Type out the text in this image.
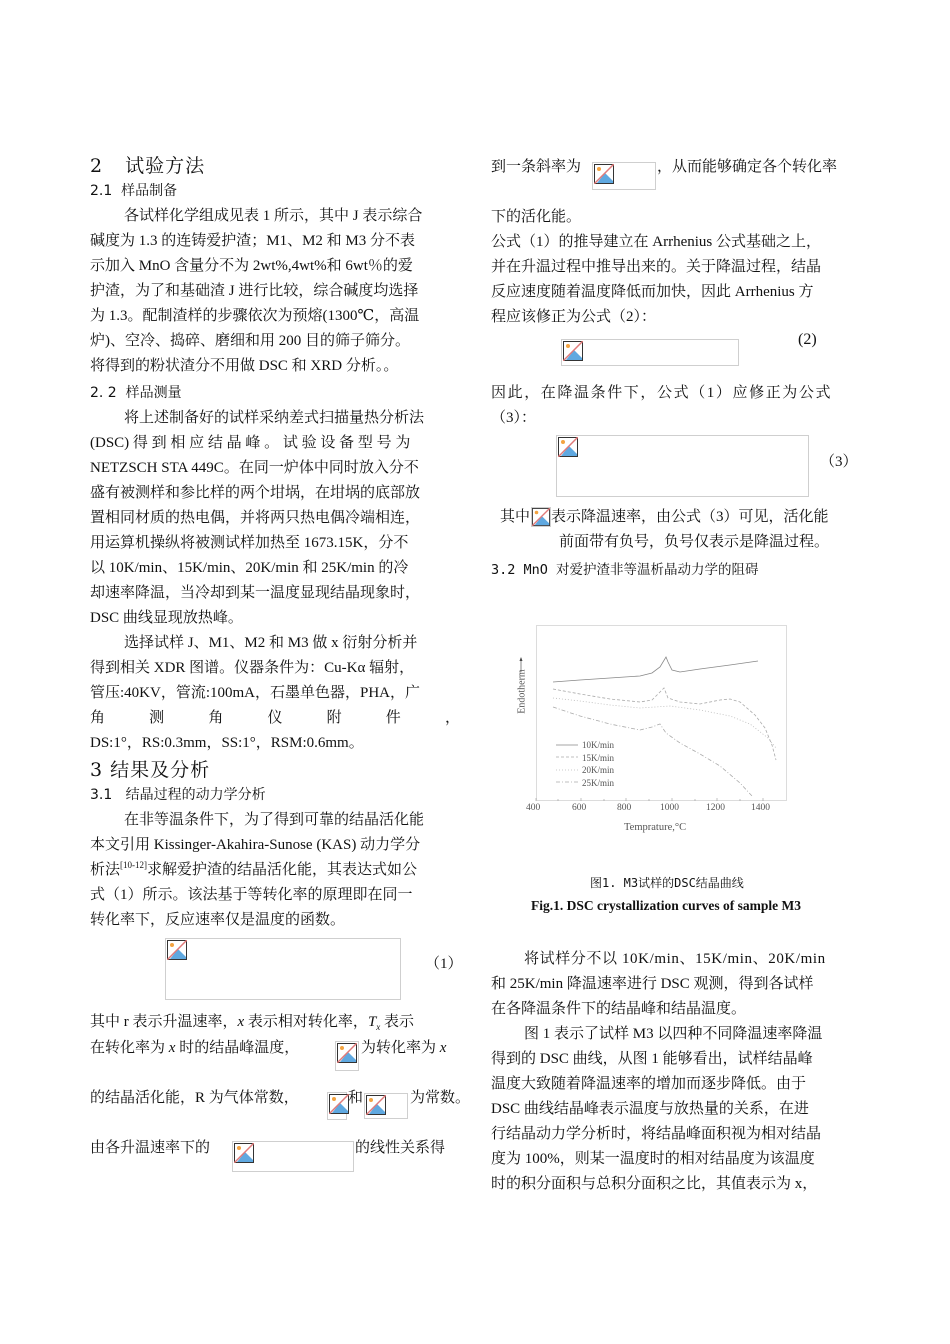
2 试验方法
2.1 样品制备
各试样化学组成见表 1 所示，其中 J 表示综合
碱度为 1.3 的连铸爱护渣；M1、M2 和 M3 分不表
示加入 MnO 含量分不为 2wt%,4wt%和 6wt％的爱
护渣，为了和基础渣 J 进行比较，综合碱度均选择
为 1.3。配制渣样的步骤依次为预熔(1300℃，高温
炉)、空冷、捣碎、磨细和用 200 目的筛子筛分。
将得到的粉状渣分不用做 DSC 和 XRD 分析。。
2. 2 样品测量
将上述制备好的试样采纳差式扫描量热分析法
(DSC) 得 到 相 应 结 晶 峰 。 试 验 设 备 型 号 为
NETZSCH STA 449C。在同一炉体中同时放入分不
盛有被测样和参比样的两个坩埚，在坩埚的底部放
置相同材质的热电偶，并将两只热电偶冷端相连，
用运算机操纵将被测试样加热至 1673.15K，分不
以 10K/min、15K/min、20K/min 和 25K/min 的冷
却速率降温，当冷却到某一温度显现结晶现象时，
DSC 曲线显现放热峰。
选择试样 J、M1、M2 和 M3 做 x 衍射分析并
得到相关 XDR 图谱。仪器条件为：Cu-Kα 辐射，
管压:40KV，管流:100mA，石墨单色器，PHA，广
角	测	角	仪	附	件	，
DS:1°，RS:0.3mm，SS:1°，RSM:0.6mm。
3 结果及分析
3.1 结晶过程的动力学分析
在非等温条件下，为了得到可靠的结晶活化能
本文引用 Kissinger-Akahira-Sunose (KAS) 动力学分
析法[10-12]求解爱护渣的结晶活化能，其表达式如公
式（1）所示。该法基于等转化率的原理即在同一
转化率下，反应速率仅是温度的函数。
（1）
其中 r 表示升温速率，x 表示相对转化率，$T_x$ 表示
在转化率为 x 时的结晶峰温度，	为转化率为 x
的结晶活化能，R 为气体常数，	和	为常数。
由各升温速率下的	的线性关系得
到一条斜率为	，从而能够确定各个转化率
下的活化能。
公式（1）的推导建立在 Arrhenius 公式基础之上，
并在升温过程中推导出来的。关于降温过程，结晶
反应速度随着温度降低而加快，因此 Arrhenius 方
程应该修正为公式（2）：
(2)
因此，在降温条件下，公式（1）应修正为公式
（3）：
（3）
其中 表示降温速率，由公式（3）可见，活化能
前面带有负号，负号仅表示是降温过程。
3.2 MnO 对爱护渣非等温析晶动力学的阻碍
Endotherm
10K/min
15K/min
20K/min
25K/min
400	600	800	1000	1200	1400
Temprature,°C
图1. M3试样的DSC结晶曲线
Fig.1. DSC crystallization curves of sample M3
将试样分不以 10K/min、15K/min、20K/min
和 25K/min 降温速率进行 DSC 观测，得到各试样
在各降温条件下的结晶峰和结晶温度。
图 1 表示了试样 M3 以四种不同降温速率降温
得到的 DSC 曲线，从图 1 能够看出，试样结晶峰
温度大致随着降温速率的增加而逐步降低。由于
DSC 曲线结晶峰表示温度与放热量的关系，在进
行结晶动力学分析时，将结晶峰面积视为相对结晶
度为 100%，则某一温度时的相对结晶度为该温度
时的积分面积与总积分面积之比，其值表示为 x，
